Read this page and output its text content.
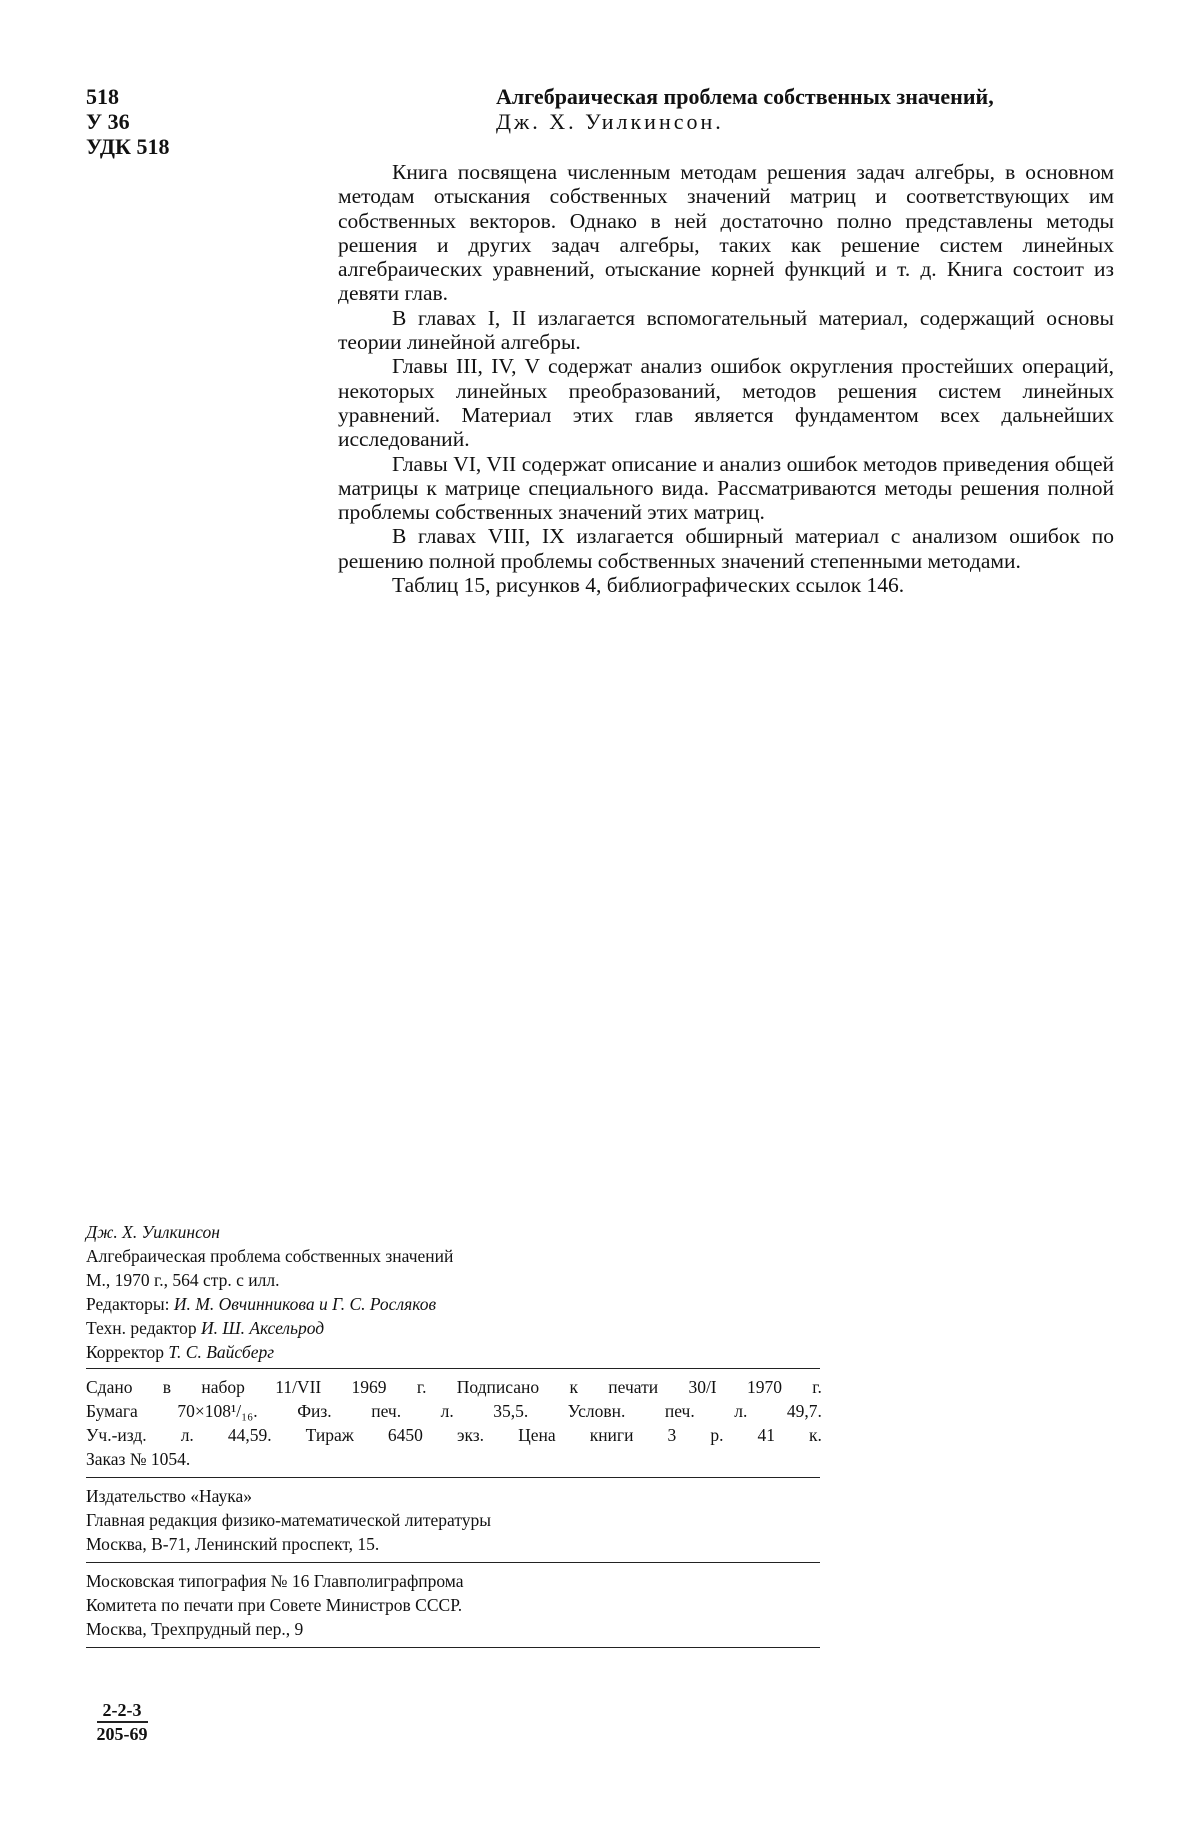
518
У 36
УДК 518
Алгебраическая проблема собственных значений,
Дж. Х. Уилкинсон.

Книга посвящена численным методам решения задач алгебры, в основном методам отыскания собственных значений матриц и соответствующих им собственных векторов. Однако в ней достаточно полно представлены методы решения и других задач алгебры, таких как решение систем линейных алгебраических уравнений, отыскание корней функций и т. д. Книга состоит из девяти глав.

В главах I, II излагается вспомогательный материал, содержащий основы теории линейной алгебры.

Главы III, IV, V содержат анализ ошибок округления простейших операций, некоторых линейных преобразований, методов решения систем линейных уравнений. Материал этих глав является фундаментом всех дальнейших исследований.

Главы VI, VII содержат описание и анализ ошибок методов приведения общей матрицы к матрице специального вида. Рассматриваются методы решения полной проблемы собственных значений этих матриц.

В главах VIII, IX излагается обширный материал с анализом ошибок по решению полной проблемы собственных значений степенными методами.

Таблиц 15, рисунков 4, библиографических ссылок 146.

Дж. Х. Уилкинсон
Алгебраическая проблема собственных значений
М., 1970 г., 564 стр. с илл.
Редакторы: И. М. Овчинникова и Г. С. Росляков
Техн. редактор И. Ш. Аксельрод
Корректор Т. С. Вайсберг
Сдано в набор 11/VII 1969 г. Подписано к печати 30/I 1970 г.
Бумага 70×108¹/₁₆. Физ. печ. л. 35,5. Условн. печ. л. 49,7.
Уч.-изд. л. 44,59. Тираж 6450 экз. Цена книги 3 р. 41 к.
Заказ № 1054.
Издательство «Наука»
Главная редакция физико-математической литературы
Москва, В-71, Ленинский проспект, 15.
Московская типография № 16 Главполиграфпрома
Комитета по печати при Совете Министров СССР.
Москва, Трехпрудный пер., 9
$\frac{2-2-3}{205-69}$
